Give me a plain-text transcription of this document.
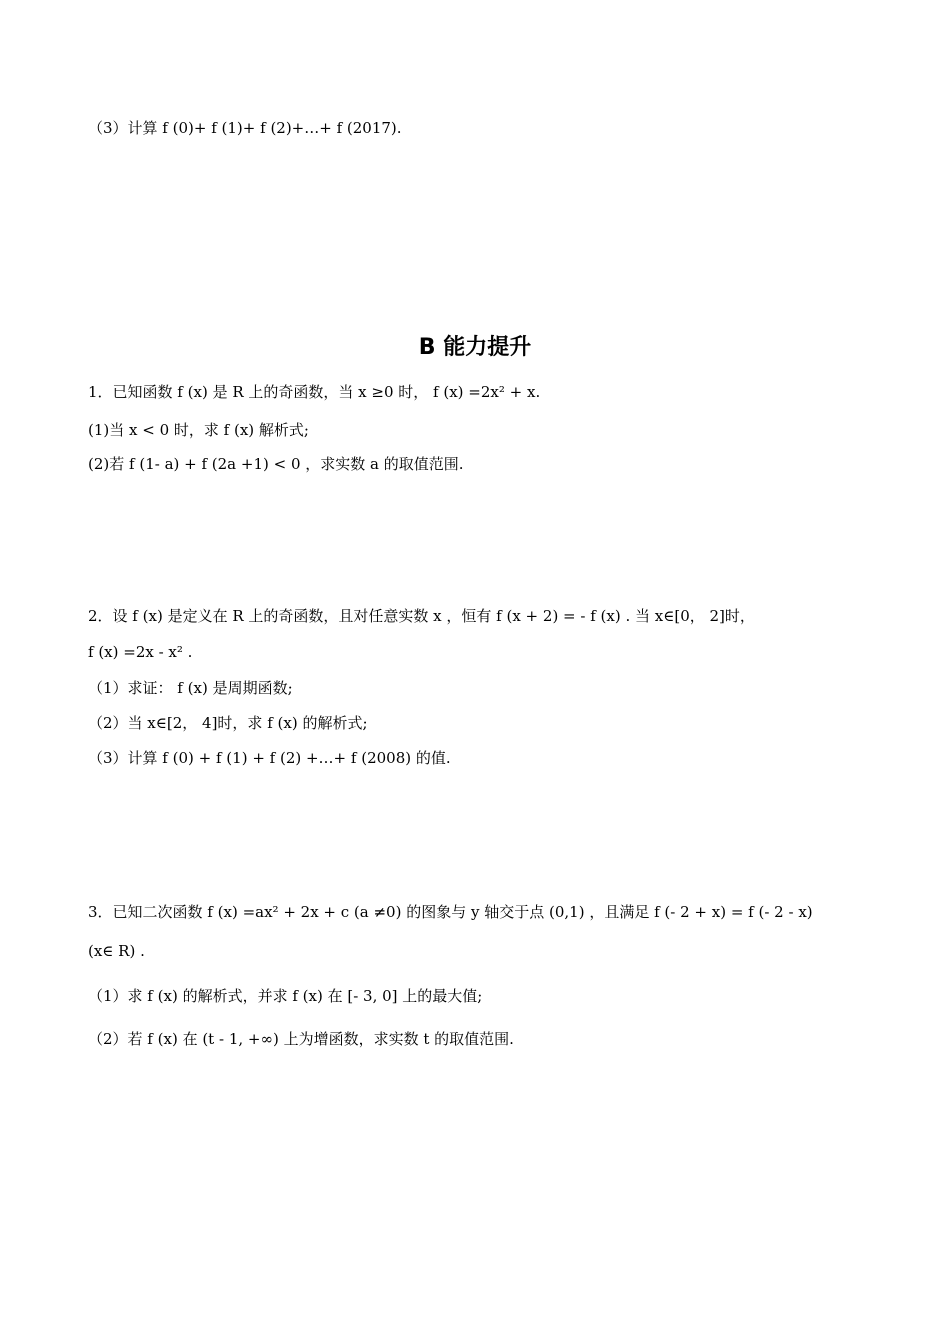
（3）计算 f (0)+ f (1)+ f (2)+…+ f (2017).
B 能力提升
1．已知函数 f (x) 是 R 上的奇函数，当 x ≥0 时， f (x) =2x² + x.
(1)当 x < 0 时，求 f (x) 解析式;
(2)若 f (1- a) + f (2a +1) < 0 ，求实数 a 的取值范围.
2．设 f (x) 是定义在 R 上的奇函数，且对任意实数 x ，恒有 f (x + 2) = - f (x) . 当 x∈[0， 2]时，
f (x) =2x - x² .
（1）求证： f (x) 是周期函数;
（2）当 x∈[2， 4]时，求 f (x) 的解析式;
（3）计算 f (0) + f (1) + f (2) +…+ f (2008) 的值.
3．已知二次函数 f (x) =ax² + 2x + c (a ≠0) 的图象与 y 轴交于点 (0,1) ，且满足 f (- 2 + x) = f (- 2 - x)
(x∈ R) .
（1）求 f (x) 的解析式，并求 f (x) 在 [- 3, 0] 上的最大值;
（2）若 f (x) 在 (t - 1, +∞) 上为增函数，求实数 t 的取值范围.
